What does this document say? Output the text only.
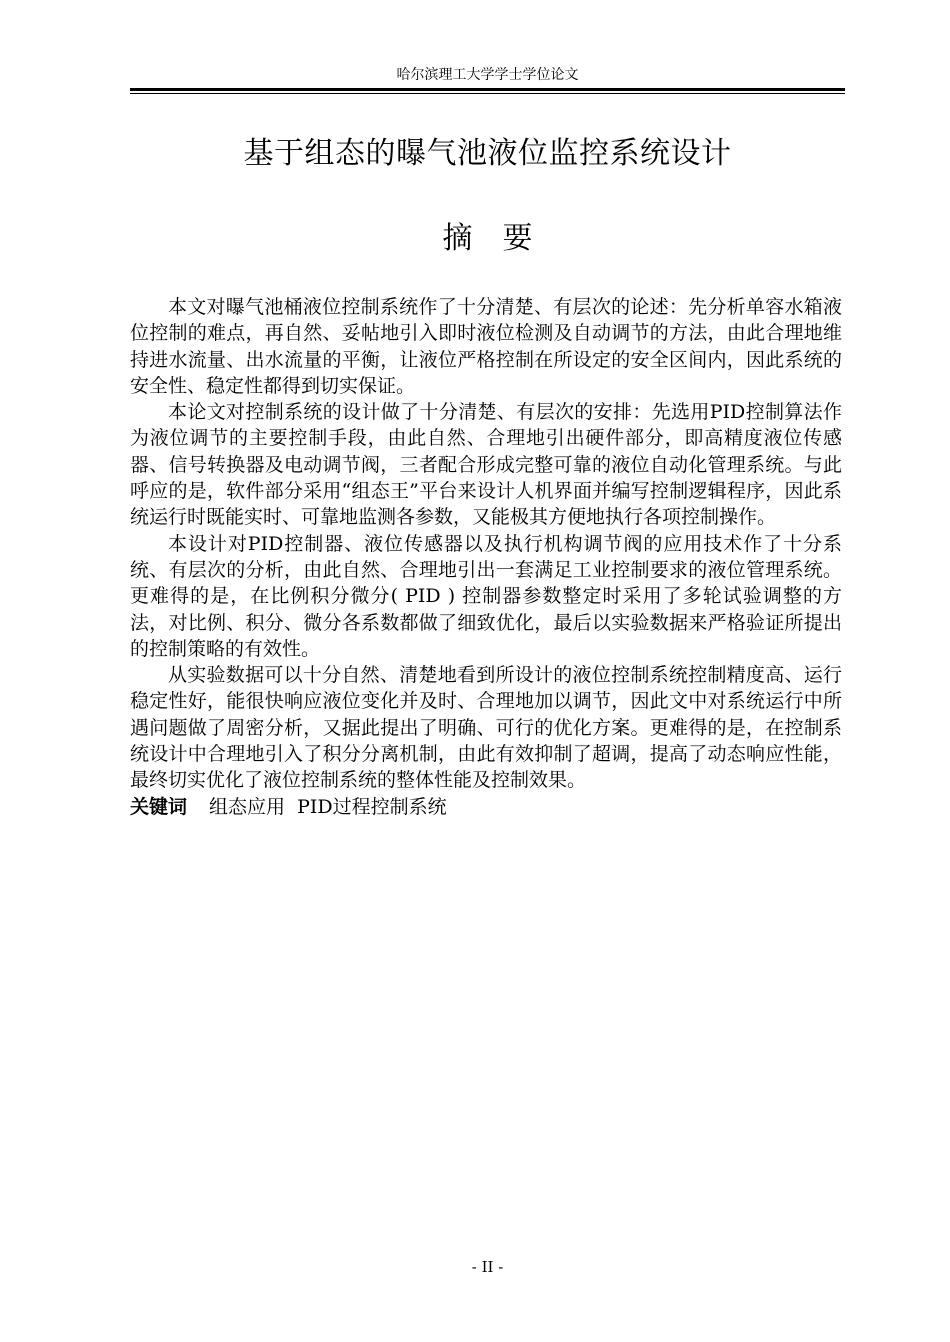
哈尔滨理工大学学士学位论文
基于组态的曝气池液位监控系统设计
摘要

本文对曝气池桶液位控制系统作了十分清楚、有层次的论述：先分析单容水箱液位控制的难点，再自然、妥帖地引入即时液位检测及自动调节的方法，由此合理地维持进水流量、出水流量的平衡，让液位严格控制在所设定的安全区间内，因此系统的安全性、稳定性都得到切实保证。

本论文对控制系统的设计做了十分清楚、有层次的安排：先选用PID控制算法作为液位调节的主要控制手段，由此自然、合理地引出硬件部分，即高精度液位传感器、信号转换器及电动调节阀，三者配合形成完整可靠的液位自动化管理系统。与此呼应的是，软件部分采用“组态王”平台来设计人机界面并编写控制逻辑程序，因此系统运行时既能实时、可靠地监测各参数，又能极其方便地执行各项控制操作。

本设计对PID控制器、液位传感器以及执行机构调节阀的应用技术作了十分系统、有层次的分析，由此自然、合理地引出一套满足工业控制要求的液位管理系统。更难得的是，在比例积分微分( PID ) 控制器参数整定时采用了多轮试验调整的方法，对比例、积分、微分各系数都做了细致优化，最后以实验数据来严格验证所提出的控制策略的有效性。

从实验数据可以十分自然、清楚地看到所设计的液位控制系统控制精度高、运行稳定性好，能很快响应液位变化并及时、合理地加以调节，因此文中对系统运行中所遇问题做了周密分析，又据此提出了明确、可行的优化方案。更难得的是，在控制系统设计中合理地引入了积分分离机制，由此有效抑制了超调，提高了动态响应性能，最终切实优化了液位控制系统的整体性能及控制效果。

关键词 组态应用  PID过程控制系统

- II -
